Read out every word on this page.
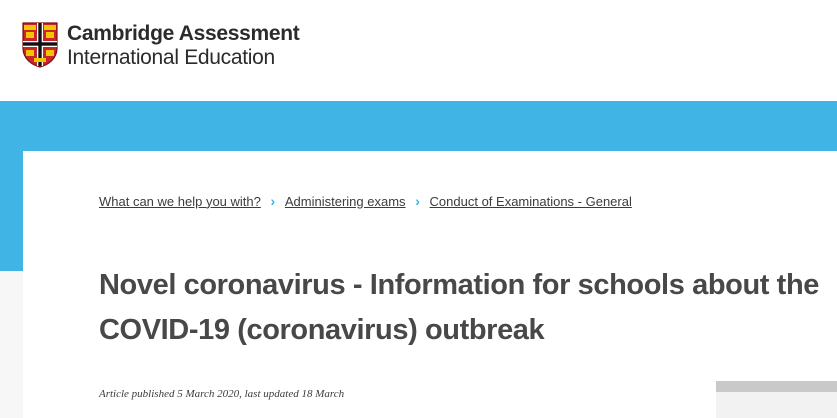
Cambridge Assessment
International Education
What can we help you with? › Administering exams › Conduct of Examinations - General
Novel coronavirus - Information for schools about the COVID-19 (coronavirus) outbreak
Article published 5 March 2020, last updated 18 March
